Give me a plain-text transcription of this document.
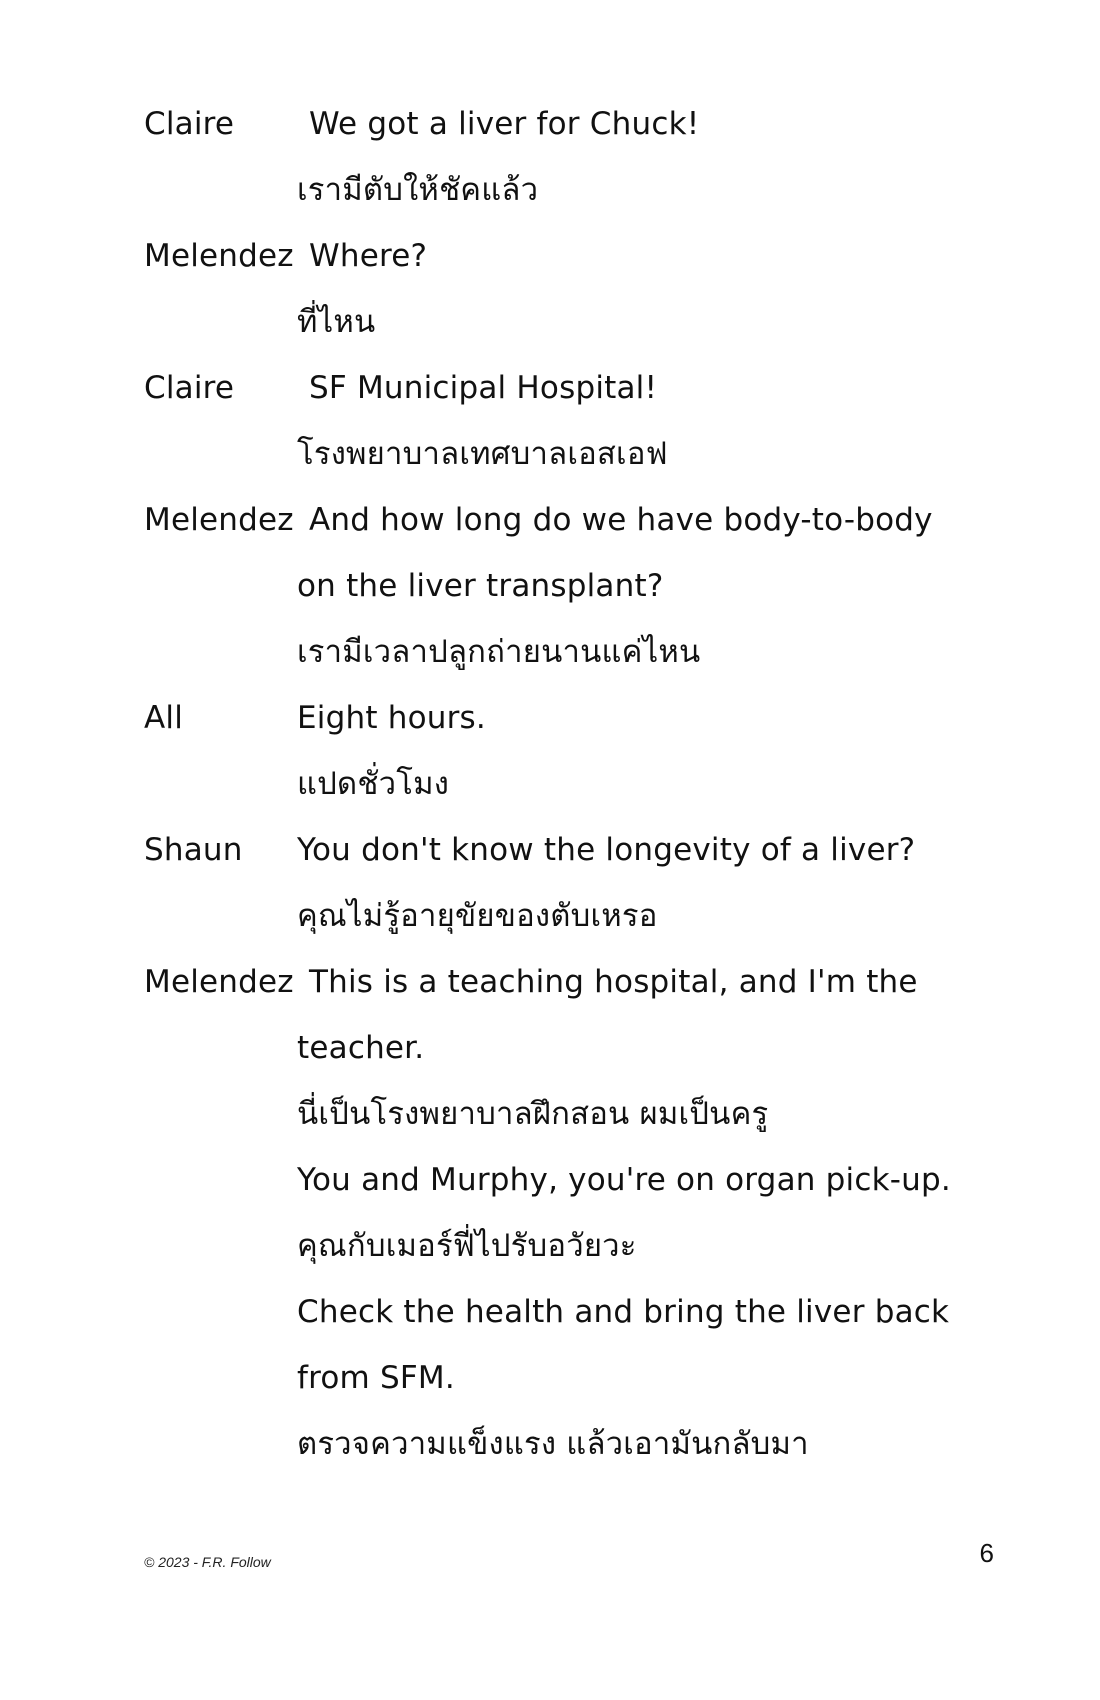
Claire We got a liver for Chuck!
เรามีตับให้ชัคแล้ว
Melendez Where?
ที่ไหน
Claire SF Municipal Hospital!
โรงพยาบาลเทศบาลเอสเอฟ
Melendez And how long do we have body-to-body
on the liver transplant?
เรามีเวลาปลูกถ่ายนานแค่ไหน
All	Eight hours.
แปดชั่วโมง
Shaun You don't know the longevity of a liver?
คุณไม่รู้อายุขัยของตับเหรอ
Melendez This is a teaching hospital, and I'm the
teacher.
นี่เป็นโรงพยาบาลฝึกสอน ผมเป็นครู
You and Murphy, you're on organ pick-up.
คุณกับเมอร์ฟี่ไปรับอวัยวะ
Check the health and bring the liver back
from SFM.
ตรวจความแข็งแรง แล้วเอามันกลับมา
© 2023 - F.R. Follow	6
